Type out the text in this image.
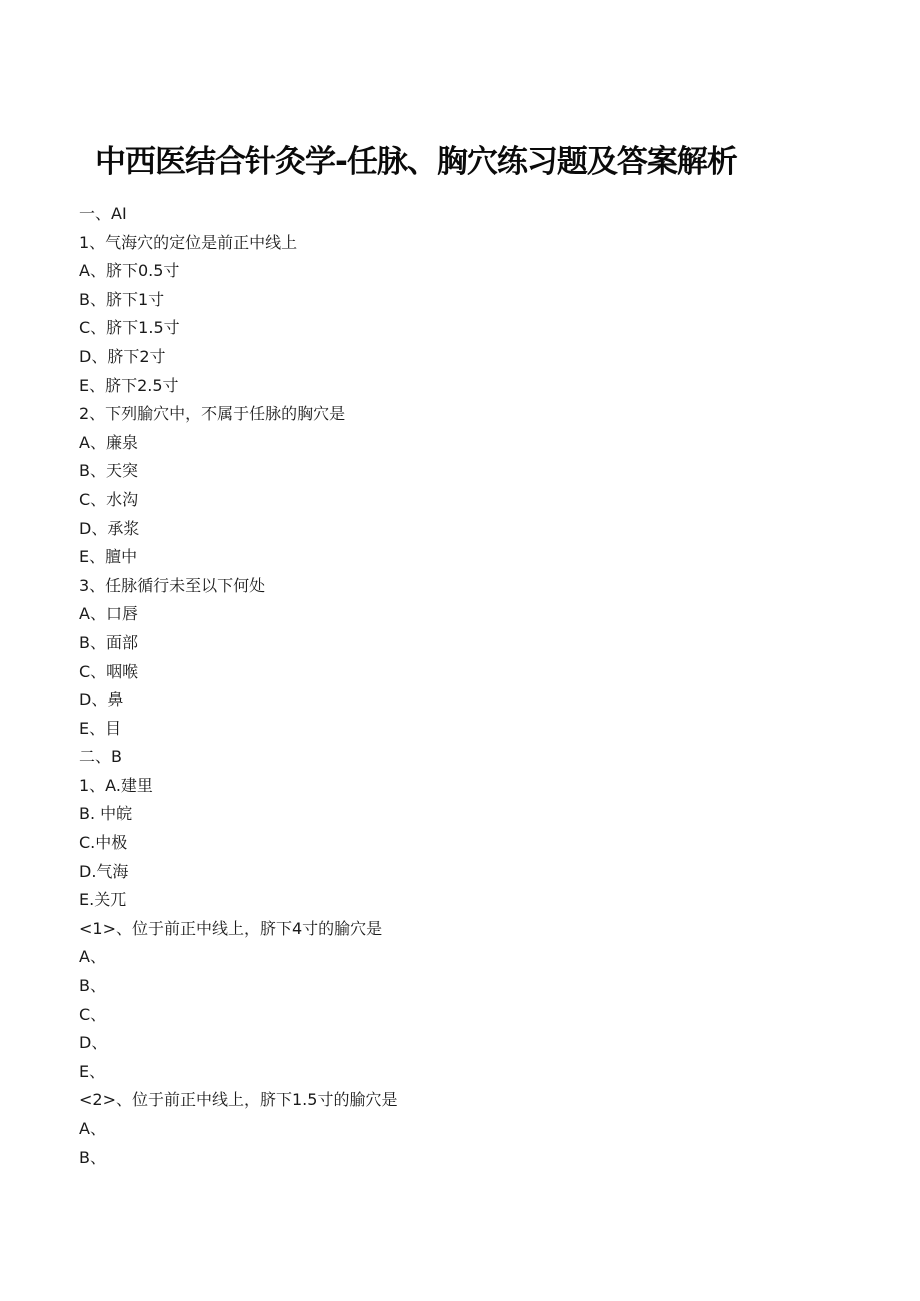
中西医结合针灸学-任脉、胸穴练习题及答案解析
一、AI
1、气海穴的定位是前正中线上
A、脐下0.5寸
B、脐下1寸
C、脐下1.5寸
D、脐下2寸
E、脐下2.5寸
2、下列腧穴中，不属于任脉的胸穴是
A、廉泉
B、天突
C、水沟
D、承浆
E、膻中
3、任脉循行未至以下何处
A、口唇
B、面部
C、咽喉
D、鼻
E、目
二、B
1、A.建里
B. 中皖
C.中极
D.气海
E.关兀
<1>、位于前正中线上，脐下4寸的腧穴是
A、
B、
C、
D、
E、
<2>、位于前正中线上，脐下1.5寸的腧穴是
A、
B、
